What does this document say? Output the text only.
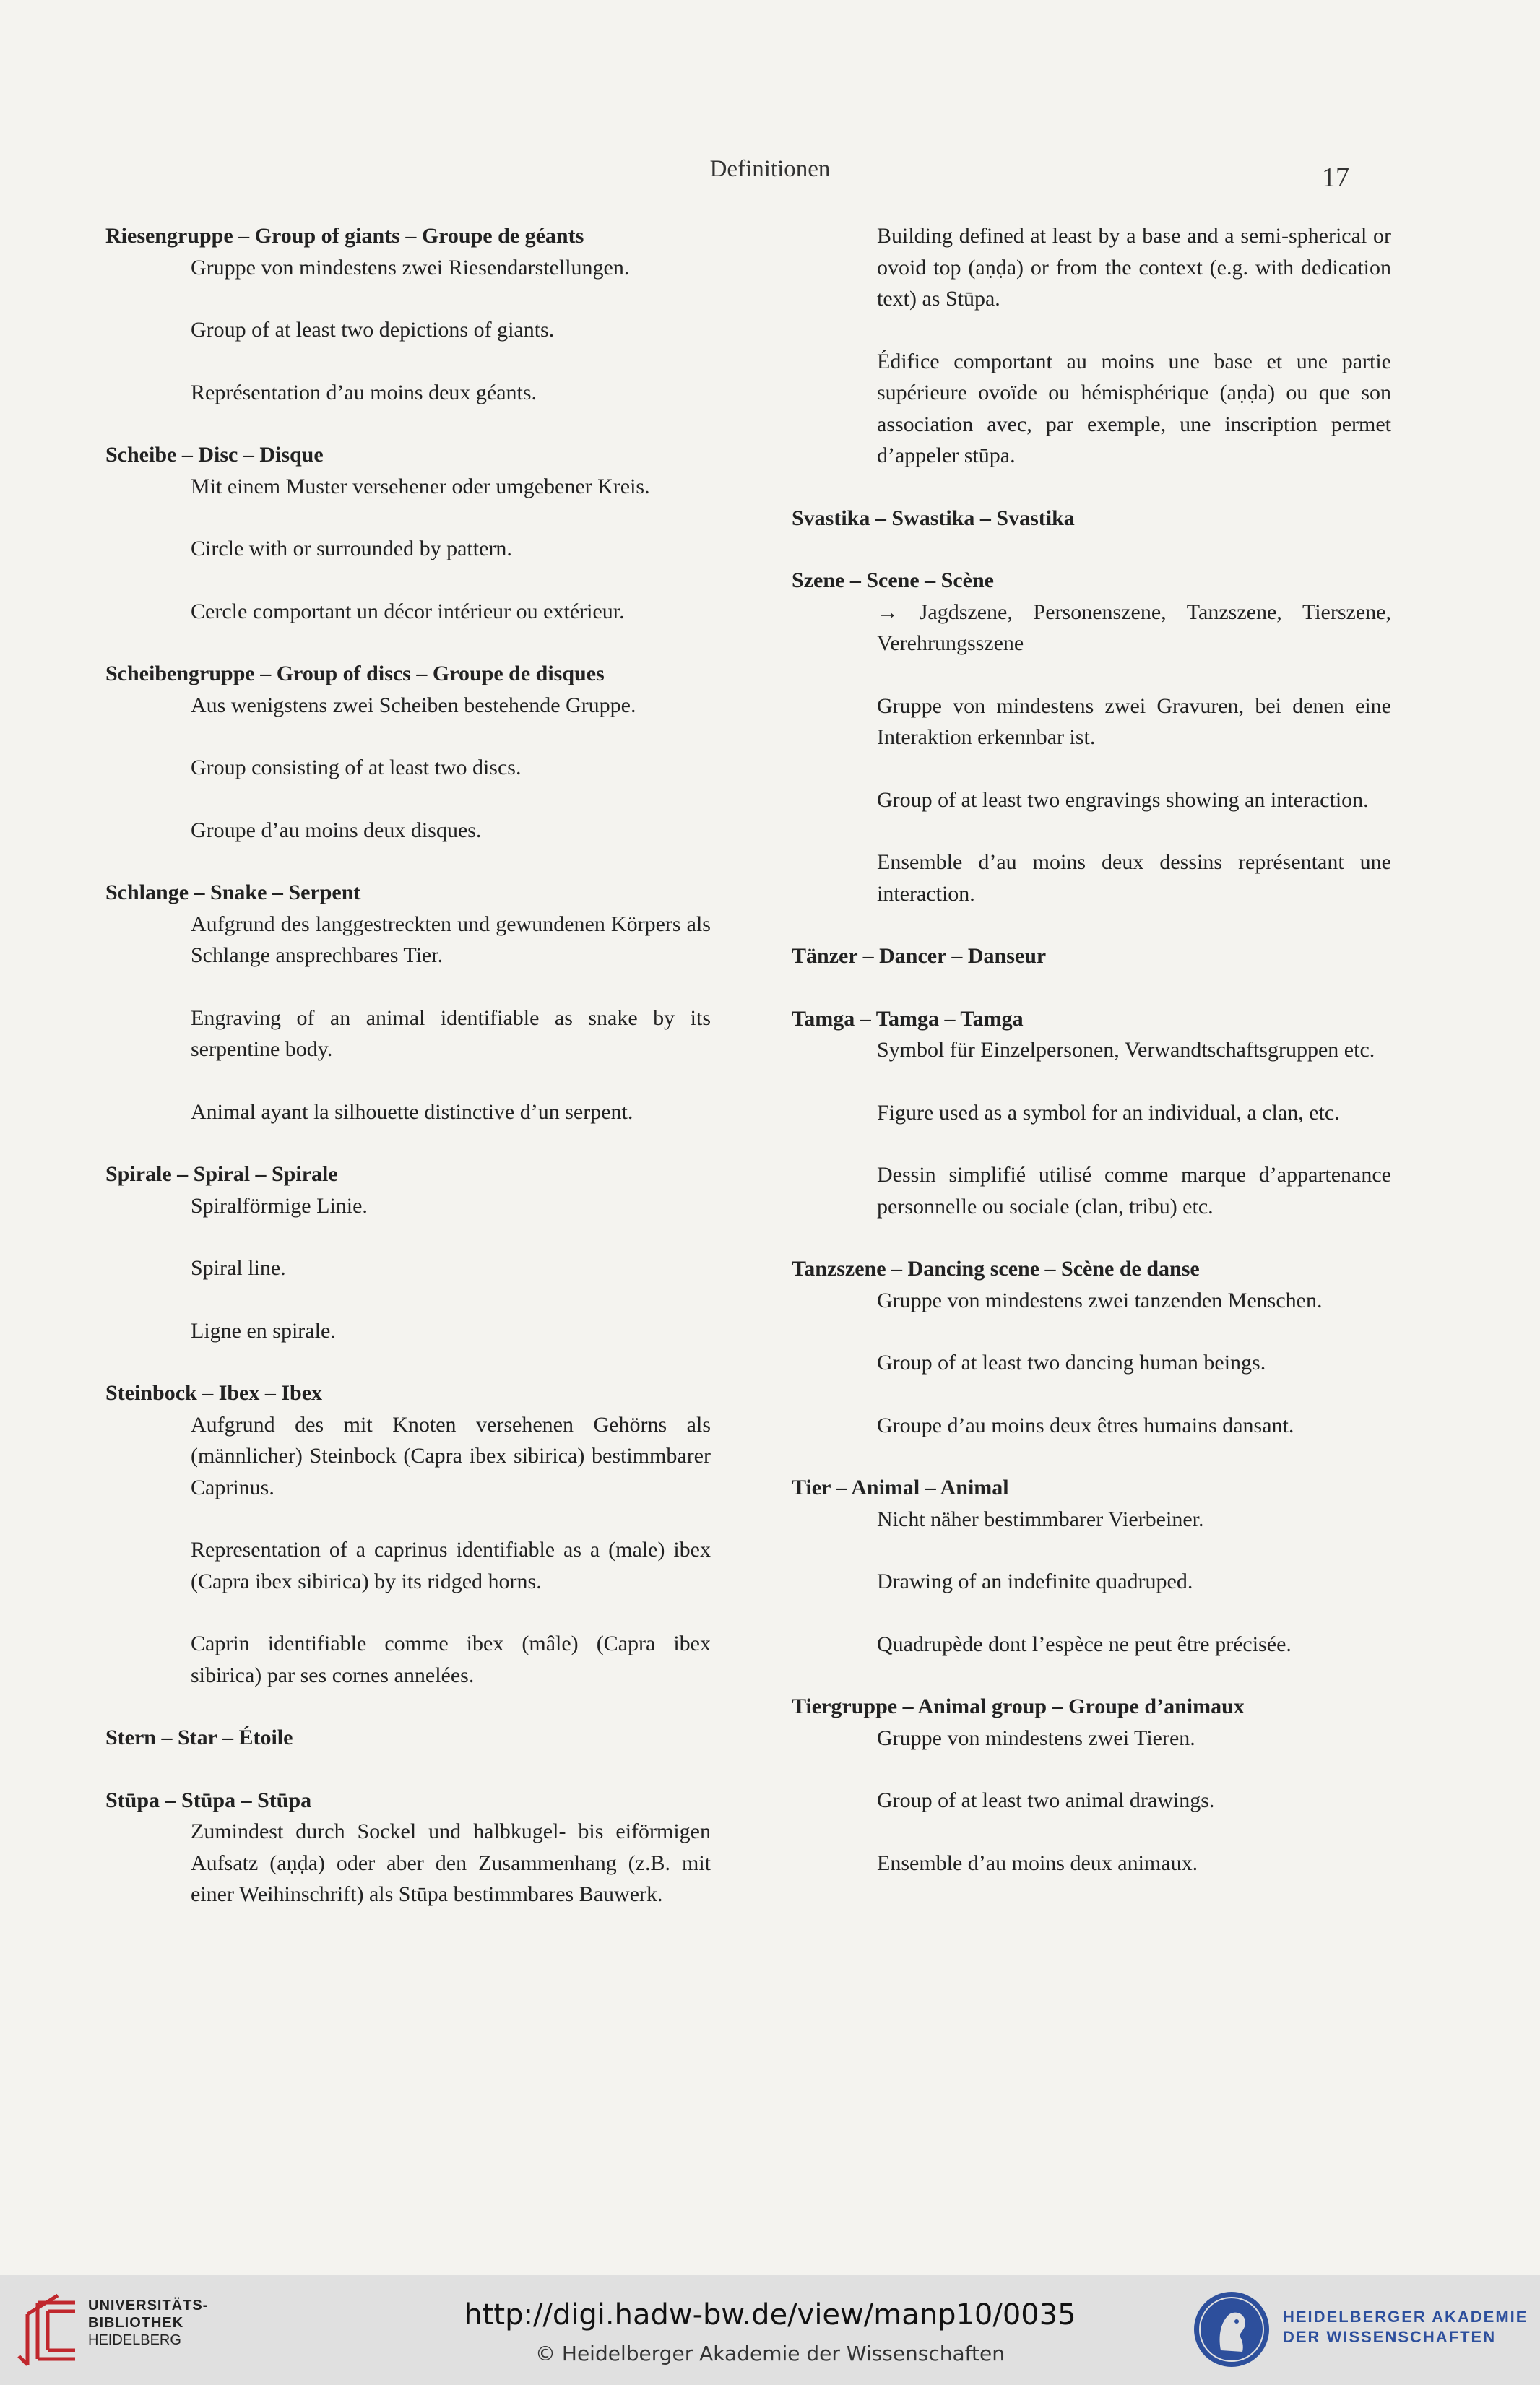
Definitionen	17

Riesengruppe – Group of giants – Groupe de géants

Gruppe von mindestens zwei Riesendarstellungen.

Group of at least two depictions of giants.

Représentation d’au moins deux géants.

Scheibe – Disc – Disque

Mit einem Muster versehener oder umgebener Kreis.

Circle with or surrounded by pattern.

Cercle comportant un décor intérieur ou extérieur.

Scheibengruppe – Group of discs – Groupe de disques

Aus wenigstens zwei Scheiben bestehende Gruppe.

Group consisting of at least two discs.

Groupe d’au moins deux disques.

Schlange – Snake – Serpent

Aufgrund des langgestreckten und gewundenen Körpers als Schlange ansprechbares Tier.

Engraving of an animal identifiable as snake by its serpentine body.

Animal ayant la silhouette distinctive d’un serpent.

Spirale – Spiral – Spirale

Spiralförmige Linie.

Spiral line.

Ligne en spirale.

Steinbock – Ibex – Ibex

Aufgrund des mit Knoten versehenen Gehörns als (männlicher) Steinbock (Capra ibex sibirica) bestimmbarer Caprinus.

Representation of a caprinus identifiable as a (male) ibex (Capra ibex sibirica) by its ridged horns.

Caprin identifiable comme ibex (mâle) (Capra ibex sibirica) par ses cornes annelées.

Stern – Star – Étoile

Stūpa – Stūpa – Stūpa

Zumindest durch Sockel und halbkugel- bis eiförmigen Aufsatz (aṇḍa) oder aber den Zusammenhang (z.B. mit einer Weihinschrift) als Stūpa bestimmbares Bauwerk.

Building defined at least by a base and a semi-spherical or ovoid top (aṇḍa) or from the context (e.g. with dedication text) as Stūpa.

Édifice comportant au moins une base et une partie supérieure ovoïde ou hémisphérique (aṇḍa) ou que son association avec, par exemple, une inscription permet d’appeler stūpa.

Svastika – Swastika – Svastika

Szene – Scene – Scène

→ Jagdszene, Personenszene, Tanzszene, Tierszene, Verehrungsszene

Gruppe von mindestens zwei Gravuren, bei denen eine Interaktion erkennbar ist.

Group of at least two engravings showing an interaction.

Ensemble d’au moins deux dessins représentant une interaction.

Tänzer – Dancer – Danseur

Tamga – Tamga – Tamga

Symbol für Einzelpersonen, Verwandtschaftsgruppen etc.

Figure used as a symbol for an individual, a clan, etc.

Dessin simplifié utilisé comme marque d’appartenance personnelle ou sociale (clan, tribu) etc.

Tanzszene – Dancing scene – Scène de danse

Gruppe von mindestens zwei tanzenden Menschen.

Group of at least two dancing human beings.

Groupe d’au moins deux êtres humains dansant.

Tier – Animal – Animal

Nicht näher bestimmbarer Vierbeiner.

Drawing of an indefinite quadruped.

Quadrupède dont l’espèce ne peut être précisée.

Tiergruppe – Animal group – Groupe d’animaux

Gruppe von mindestens zwei Tieren.

Group of at least two animal drawings.

Ensemble d’au moins deux animaux.

UNIVERSITÄTS-
BIBLIOTHEK
HEIDELBERG
http://digi.hadw-bw.de/view/manp10/0035
© Heidelberger Akademie der Wissenschaften
HEIDELBERGER AKADEMIE
DER WISSENSCHAFTEN
